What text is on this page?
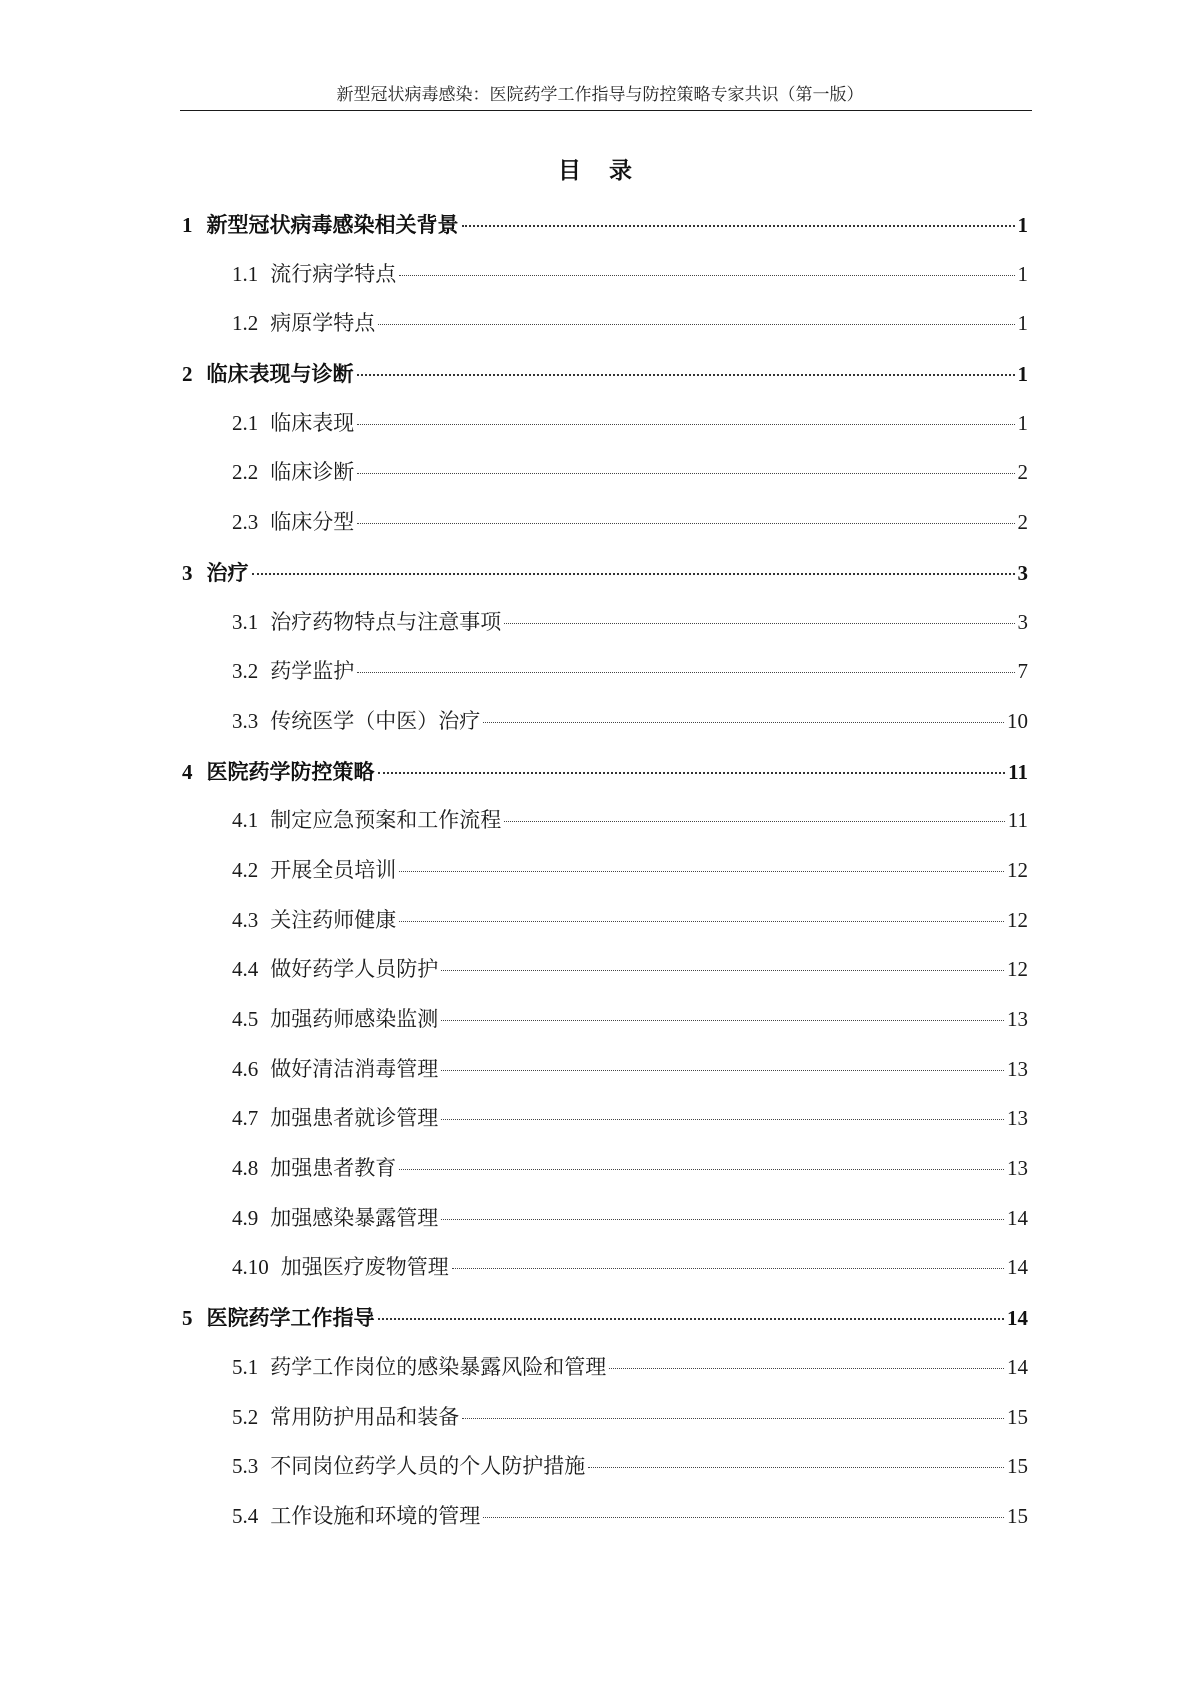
新型冠状病毒感染：医院药学工作指导与防控策略专家共识（第一版）
目 录
1 新型冠状病毒感染相关背景	1
1.1 流行病学特点	1
1.2 病原学特点	1
2 临床表现与诊断	1
2.1 临床表现	1
2.2 临床诊断	2
2.3 临床分型	2
3 治疗	3
3.1 治疗药物特点与注意事项	3
3.2 药学监护	7
3.3 传统医学（中医）治疗	10
4 医院药学防控策略	11
4.1 制定应急预案和工作流程	11
4.2 开展全员培训	12
4.3 关注药师健康	12
4.4 做好药学人员防护	12
4.5 加强药师感染监测	13
4.6 做好清洁消毒管理	13
4.7 加强患者就诊管理	13
4.8 加强患者教育	13
4.9 加强感染暴露管理	14
4.10 加强医疗废物管理	14
5 医院药学工作指导	14
5.1 药学工作岗位的感染暴露风险和管理	14
5.2 常用防护用品和装备	15
5.3 不同岗位药学人员的个人防护措施	15
5.4 工作设施和环境的管理	15
